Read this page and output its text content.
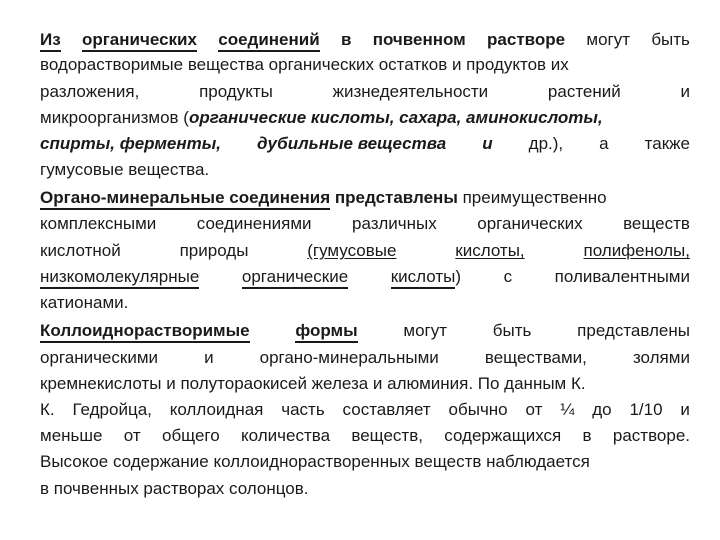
Из органических соединений в почвенном растворе могут быть
водорастворимые вещества органических остатков и продуктов их
разложения,	продукты	жизнедеятельности	растений	и
микроорганизмов ( органические кислоты, сахара, аминокислоты,
спирты, ферменты, дубильные вещества и др.), а также
гумусовые вещества.
Органо-минеральные соединения
представлены
преимущественно
комплексными соединениями различных органических веществ
кислотной	природы	(гумусовые	кислоты,	полифенолы,
низкомолекулярные	органические	кислоты)	с	поливалентными
катионами.
Коллоиднорастворимые	формы	могут	быть	представлены
органическими	и	органо-минеральными	веществами,	золями
кремнекислоты и полутораокисей железа и алюминия. По данным К.
К. Гедройца, коллоидная часть составляет обычно от ¼ до 1/10 и
меньше от общего количества веществ, содержащихся в растворе.
Высокое содержание коллоиднорастворенных веществ наблюдается
в почвенных растворах солонцов.
